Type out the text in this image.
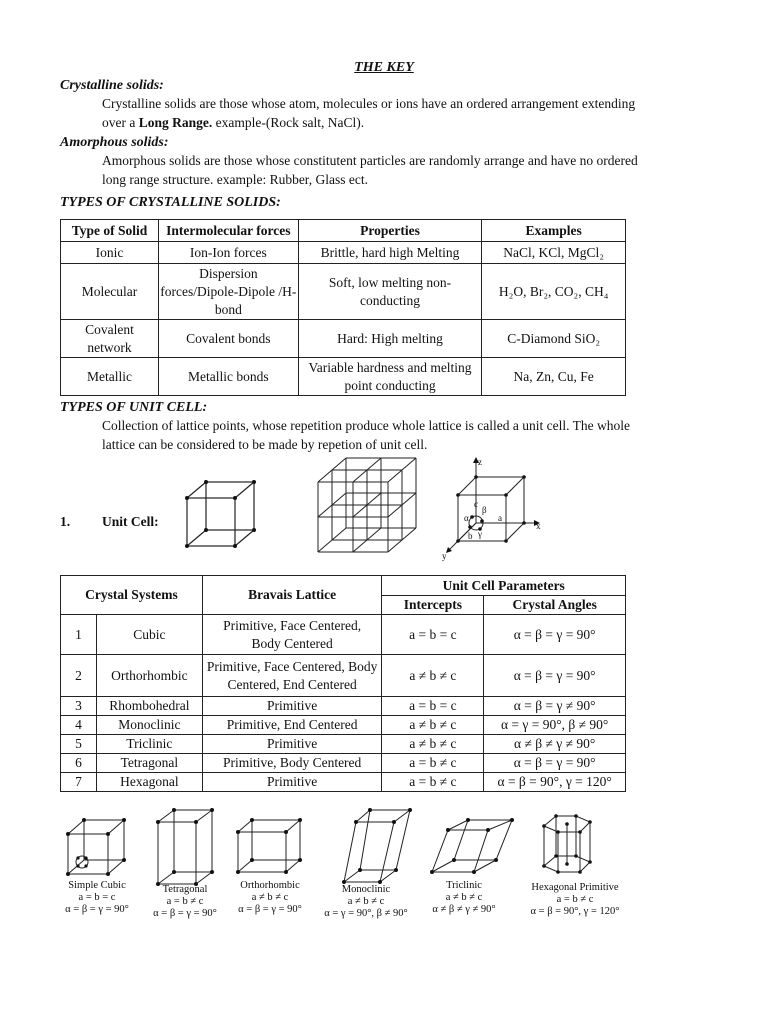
THE KEY
Crystalline solids:
Crystalline solids are those whose atom, molecules or ions have an ordered arrangement extending over a Long Range. example-(Rock salt, NaCl).
Amorphous solids:
Amorphous solids are those whose constitutent particles are randomly arrange and have no ordered long range structure. example: Rubber, Glass ect.
TYPES OF CRYSTALLINE SOLIDS:
Type of Solid	Intermolecular forces	Properties	Examples
Ionic	Ion-Ion forces	Brittle, hard high Melting	NaCl, KCl, MgCl₂
Molecular	Dispersion forces/Dipole-Dipole /H-bond	Soft, low melting non-conducting	H₂O, Br₂, CO₂, CH₄
Covalent network	Covalent bonds	Hard: High melting	C-Diamond SiO₂
Metallic	Metallic bonds	Variable hardness and melting point conducting	Na, Zn, Cu, Fe
TYPES OF UNIT CELL:
Collection of lattice points, whose repetition produce whole lattice is called a unit cell. The whole lattice can be considered to be made by repetion of unit cell.
1. Unit Cell:
z
x
y
a
c
α
β
γ
b
Crystal Systems		Bravais Lattice	Unit Cell Parameters	
			Intercepts	Crystal Angles
1	Cubic	Primitive, Face Centered, Body Centered	a = b = c	α = β = γ = 90°
2	Orthorhombic	Primitive, Face Centered, Body Centered, End Centered	a ≠ b ≠ c	α = β = γ = 90°
3	Rhombohedral	Primitive	a = b = c	α = β = γ ≠ 90°
4	Monoclinic	Primitive, End Centered	a ≠ b ≠ c	α = γ = 90°, β ≠ 90°
5	Triclinic	Primitive	a ≠ b ≠ c	α ≠ β ≠ γ ≠ 90°
6	Tetragonal	Primitive, Body Centered	a = b ≠ c	α = β = γ = 90°
7	Hexagonal	Primitive	a = b ≠ c	α = β = 90°, γ = 120°
Simple Cubic
a = b = c
α = β = γ = 90°
Tetragonal
a = b ≠ c
α = β = γ = 90°
Orthorhombic
a ≠ b ≠ c
α = β = γ = 90°
Monoclinic
a ≠ b ≠ c
α = γ = 90°, β ≠ 90°
Triclinic
a ≠ b ≠ c
α ≠ β ≠ γ ≠ 90°
Hexagonal Primitive
a = b ≠ c
α = β = 90°, γ = 120°
